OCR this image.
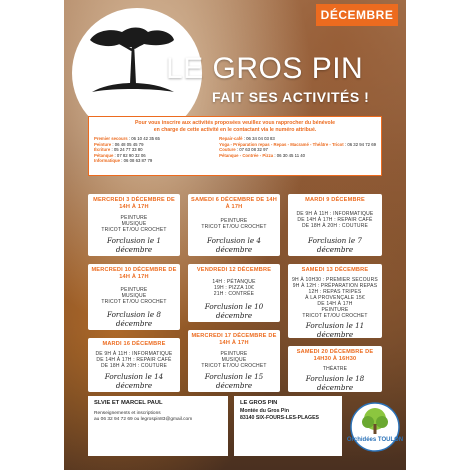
DÉCEMBRE
LE GROS PIN
FAIT SES ACTIVITÉS !
Pour vous inscrire aux activités proposées veuillez vous rapprocher du bénévole
en charge de cette activité en le contactant via le numéro attribué.
Premier secours : 06 10 42 35 65
Peinture : 06 48 05 45 79
Écriture : 05 24 77 33 80
Pétanque : 07 82 90 32 06
Informatique : 06 08 63 87 79
Repair-café : 06 34 04 03 83
Yoga - Préparation repas - Repas - Macramé - Théâtre - Tricot : 06 32 94 72 69
Couture : 07 63 08 32 97
Pétanque - Contrée - Pizza : 06 30 45 11 40
MERCREDI 3 DÉCEMBRE DE 14H À 17H
PEINTURE
MUSIQUE
TRICOT ET/OU CROCHET
Forclusion le 1 décembre
SAMEDI 6 DÉCEMBRE DE 14H À 17H
PEINTURE
TRICOT ET/OU CROCHET
Forclusion le 4 décembre
MARDI 9 DÉCEMBRE
DE 9H À 11H : INFORMATIQUE
DE 14H À 17H : REPAIR CAFÉ
DE 18H À 20H : COUTURE
Forclusion le 7 décembre
MERCREDI 10 DÉCEMBRE DE 14H À 17H
PEINTURE
MUSIQUE
TRICOT ET/OU CROCHET
Forclusion le 8 décembre
VENDREDI 12 DÉCEMBRE
14H : PÉTANQUE
19H : PIZZA 10€
21H : CONTRÉE
Forclusion le 10 décembre
SAMEDI 13 DÉCEMBRE
9H À 10H30 : PREMIER SECOURS
9H À 12H : PRÉPARATION REPAS
12H : REPAS TRIPES
À LA PROVENÇALE 15€
DE 14H À 17H
PEINTURE
TRICOT ET/OU CROCHET
Forclusion le 11 décembre
MARDI 16 DÉCEMBRE
DE 9H À 11H : INFORMATIQUE
DE 14H À 17H : REPAIR CAFÉ
DE 18H À 20H : COUTURE
Forclusion le 14 décembre
MERCREDI 17 DÉCEMBRE DE 14H À 17H
PEINTURE
MUSIQUE
TRICOT ET/OU CROCHET
Forclusion le 15 décembre
SAMEDI 20 DÉCEMBRE DE 14H30 À 16H30
THÉATRE
Forclusion le 18 décembre
SLVIE ET MARCEL PAUL
Renseignements et inscriptions
au 06 32 94 72 69 ou legrospin83@gmail.com
LE GROS PIN
Montée du Gros Pin
83140 SIX-FOURS-LES-PLAGES
Orchidées TOULON
